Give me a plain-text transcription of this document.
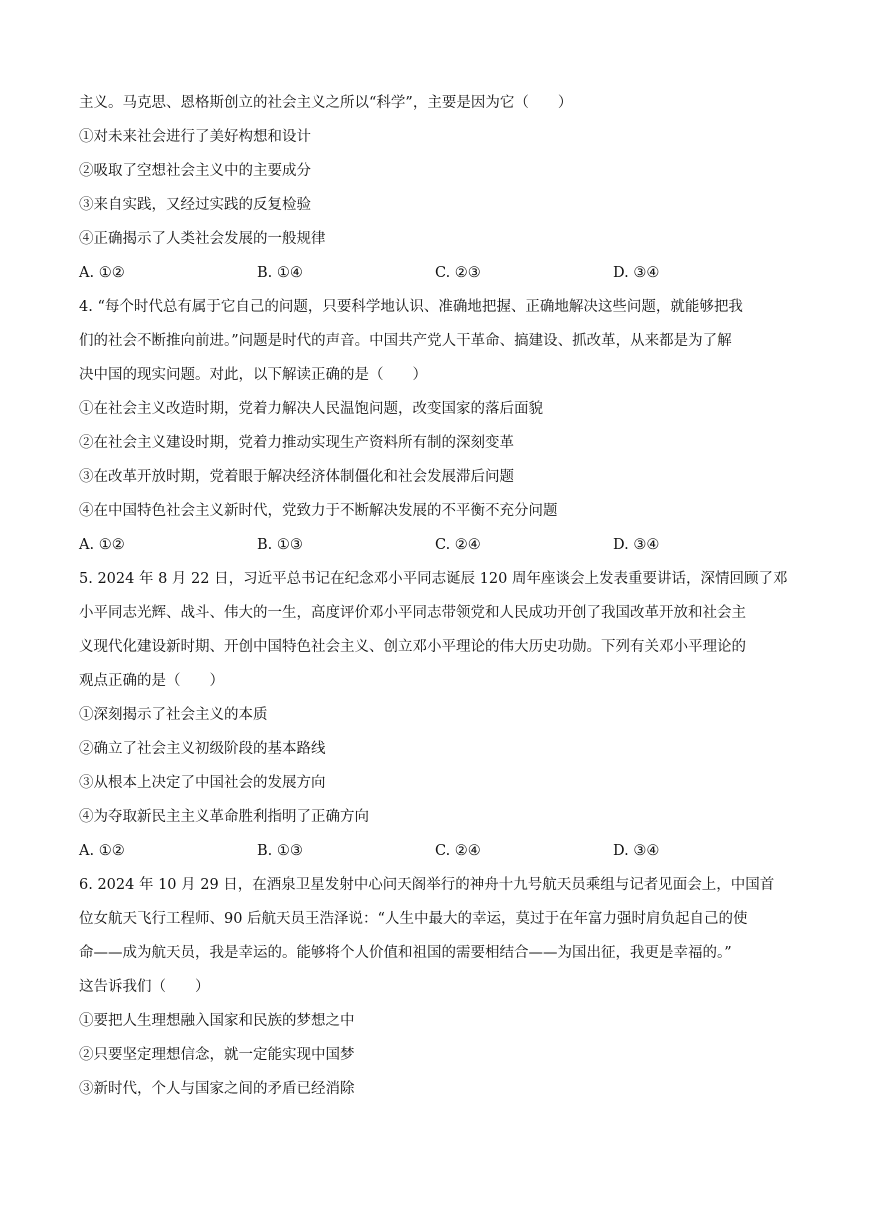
主义。马克思、恩格斯创立的社会主义之所以“科学”，主要是因为它（　　）
①对未来社会进行了美好构想和设计
②吸取了空想社会主义中的主要成分
③来自实践，又经过实践的反复检验
④正确揭示了人类社会发展的一般规律
A. ①②	B. ①④	C. ②③	D. ③④
4. “每个时代总有属于它自己的问题，只要科学地认识、准确地把握、正确地解决这些问题，就能够把我
们的社会不断推向前进。”问题是时代的声音。中国共产党人干革命、搞建设、抓改革，从来都是为了解
决中国的现实问题。对此，以下解读正确的是（　　）
①在社会主义改造时期，党着力解决人民温饱问题，改变国家的落后面貌
②在社会主义建设时期，党着力推动实现生产资料所有制的深刻变革
③在改革开放时期，党着眼于解决经济体制僵化和社会发展滞后问题
④在中国特色社会主义新时代，党致力于不断解决发展的不平衡不充分问题
A. ①②	B. ①③	C. ②④	D. ③④
5. 2024 年 8 月 22 日，习近平总书记在纪念邓小平同志诞辰 120 周年座谈会上发表重要讲话，深情回顾了邓
小平同志光辉、战斗、伟大的一生，高度评价邓小平同志带领党和人民成功开创了我国改革开放和社会主
义现代化建设新时期、开创中国特色社会主义、创立邓小平理论的伟大历史功勋。下列有关邓小平理论的
观点正确的是（　　）
①深刻揭示了社会主义的本质
②确立了社会主义初级阶段的基本路线
③从根本上决定了中国社会的发展方向
④为夺取新民主主义革命胜利指明了正确方向
A. ①②	B. ①③	C. ②④	D. ③④
6. 2024 年 10 月 29 日，在酒泉卫星发射中心问天阁举行的神舟十九号航天员乘组与记者见面会上，中国首
位女航天飞行工程师、90 后航天员王浩泽说：“人生中最大的幸运，莫过于在年富力强时肩负起自己的使
命——成为航天员，我是幸运的。能够将个人价值和祖国的需要相结合——为国出征，我更是幸福的。”
这告诉我们（　　）
①要把人生理想融入国家和民族的梦想之中
②只要坚定理想信念，就一定能实现中国梦
③新时代，个人与国家之间的矛盾已经消除
